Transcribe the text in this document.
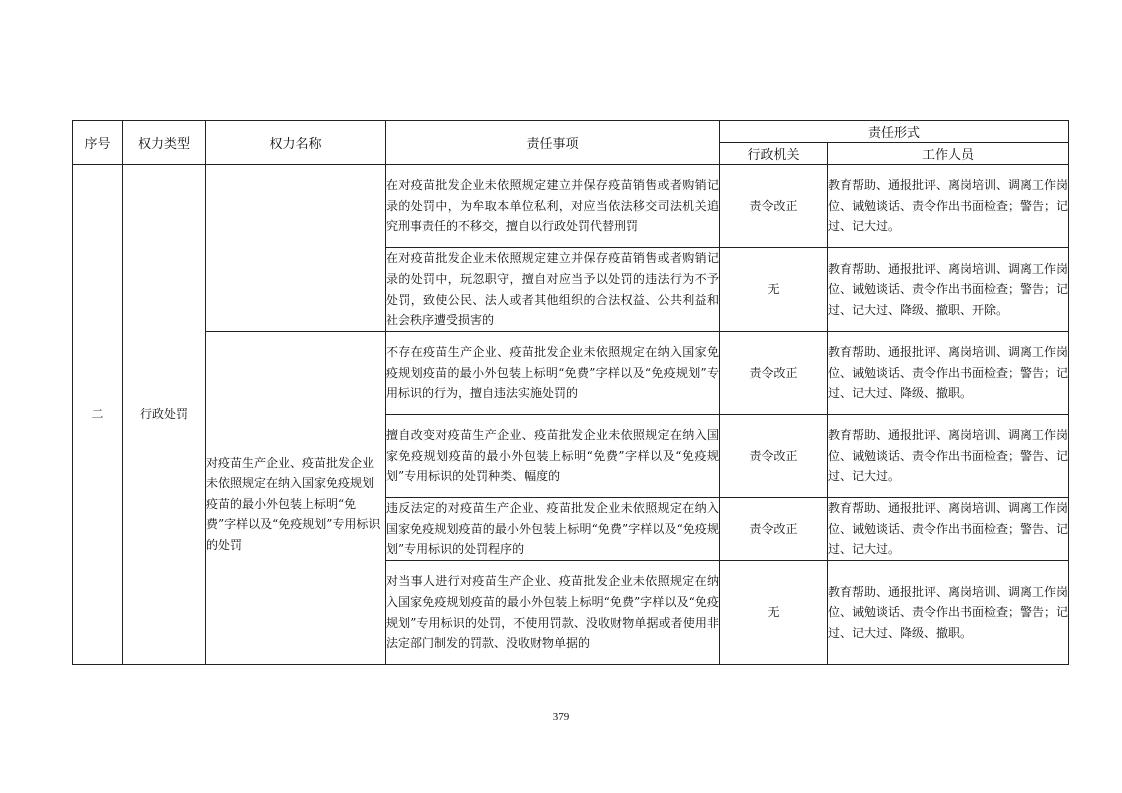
序号	权力类型	权力名称	责任事项	责任形式	
				行政机关	工作人员
二	行政处罚		在对疫苗批发企业未依照规定建立并保存疫苗销售或者购销记录的处罚中，为牟取本单位私利，对应当依法移交司法机关追究刑事责任的不移交，擅自以行政处罚代替刑罚	责令改正	教育帮助、通报批评、离岗培训、调离工作岗位、诫勉谈话、责令作出书面检查；警告；记过、记大过。
			在对疫苗批发企业未依照规定建立并保存疫苗销售或者购销记录的处罚中，玩忽职守，擅自对应当予以处罚的违法行为不予处罚，致使公民、法人或者其他组织的合法权益、公共利益和社会秩序遭受损害的	无	教育帮助、通报批评、离岗培训、调离工作岗位、诫勉谈话、责令作出书面检查；警告；记过、记大过、降级、撤职、开除。

		对疫苗生产企业、疫苗批发企业未依照规定在纳入国家免疫规划疫苗的最小外包装上标明“免费”字样以及“免疫规划”专用标识的处罚	不存在疫苗生产企业、疫苗批发企业未依照规定在纳入国家免疫规划疫苗的最小外包装上标明“免费”字样以及“免疫规划”专用标识的行为，擅自违法实施处罚的	责令改正	教育帮助、通报批评、离岗培训、调离工作岗位、诫勉谈话、责令作出书面检查；警告；记过、记大过、降级、撤职。
			擅自改变对疫苗生产企业、疫苗批发企业未依照规定在纳入国家免疫规划疫苗的最小外包装上标明“免费”字样以及“免疫规划”专用标识的处罚种类、幅度的	责令改正	教育帮助、通报批评、离岗培训、调离工作岗位、诫勉谈话、责令作出书面检查；警告、记过、记大过。
			违反法定的对疫苗生产企业、疫苗批发企业未依照规定在纳入国家免疫规划疫苗的最小外包装上标明“免费”字样以及“免疫规划”专用标识的处罚程序的	责令改正	教育帮助、通报批评、离岗培训、调离工作岗位、诫勉谈话、责令作出书面检查；警告、记过、记大过。
			对当事人进行对疫苗生产企业、疫苗批发企业未依照规定在纳入国家免疫规划疫苗的最小外包装上标明“免费”字样以及“免疫规划”专用标识的处罚，不使用罚款、没收财物单据或者使用非法定部门制发的罚款、没收财物单据的	无	教育帮助、通报批评、离岗培训、调离工作岗位、诫勉谈话、责令作出书面检查；警告；记过、记大过、降级、撤职。
379
